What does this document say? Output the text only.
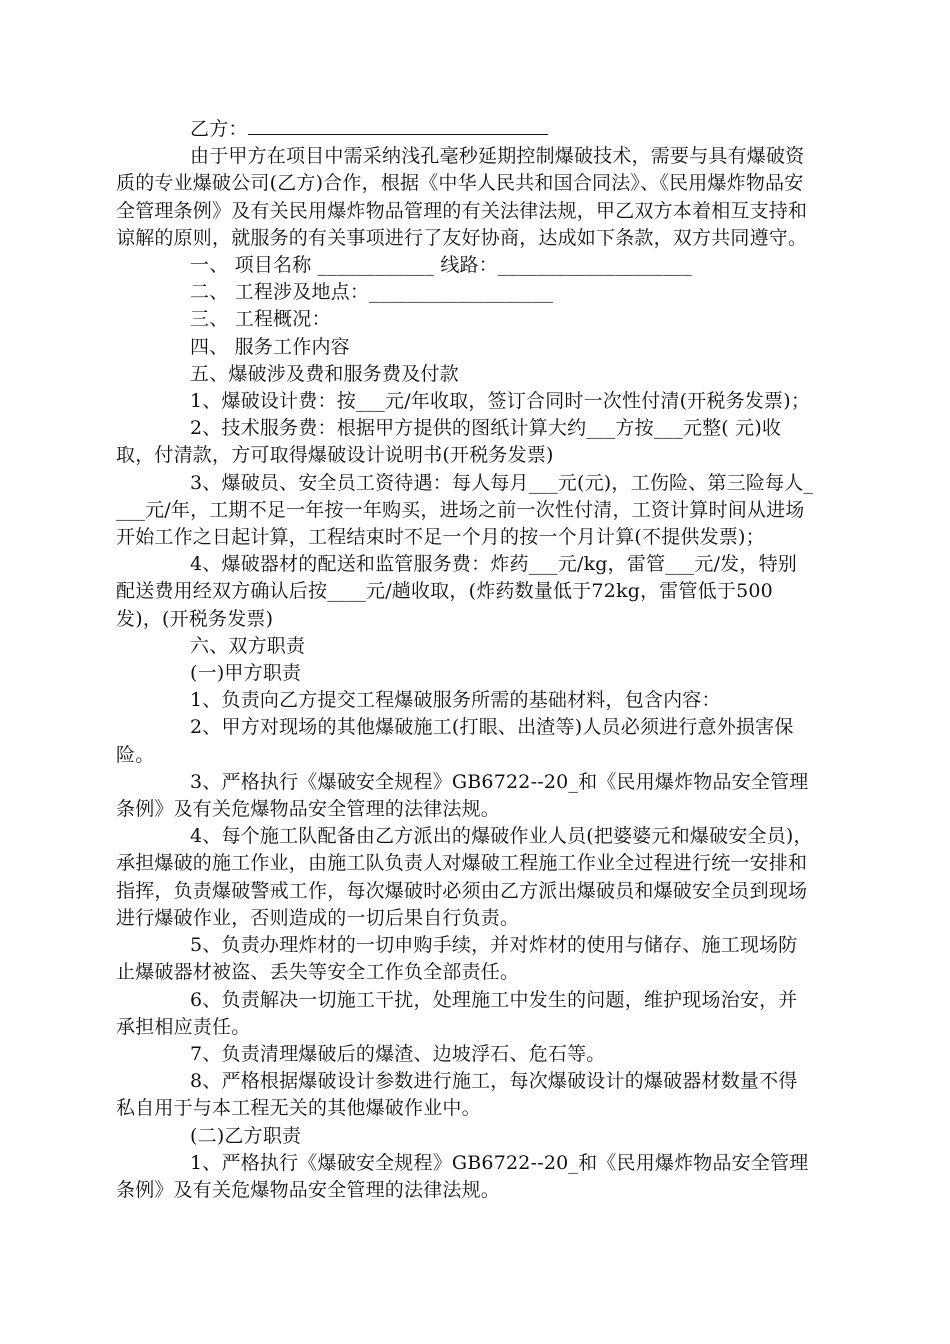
乙方：

由于甲方在项目中需采纳浅孔毫秒延期控制爆破技术，需要与具有爆破资质的专业爆破公司(乙方)合作，根据《中华人民共和国合同法》、《民用爆炸物品安全管理条例》及有关民用爆炸物品管理的有关法律法规，甲乙双方本着相互支持和谅解的原则，就服务的有关事项进行了友好协商，达成如下条款，双方共同遵守。

一、 项目名称 ____________ 线路：____________________

二、 工程涉及地点：___________________

三、 工程概况：

四、 服务工作内容

五、爆破涉及费和服务费及付款

1、爆破设计费：按___元/年收取，签订合同时一次性付清(开税务发票)；

2、技术服务费：根据甲方提供的图纸计算大约___方按___元整( 元)收取，付清款，方可取得爆破设计说明书(开税务发票)

3、爆破员、安全员工资待遇：每人每月___元(元)，工伤险、第三险每人____元/年，工期不足一年按一年购买，进场之前一次性付清，工资计算时间从进场开始工作之日起计算，工程结束时不足一个月的按一个月计算(不提供发票)；

4、爆破器材的配送和监管服务费：炸药___元/kg，雷管___元/发，特别配送费用经双方确认后按____元/趟收取，(炸药数量低于72kg，雷管低于500发)，(开税务发票)

六、双方职责

(一)甲方职责

1、负责向乙方提交工程爆破服务所需的基础材料，包含内容：

2、甲方对现场的其他爆破施工(打眼、出渣等)人员必须进行意外损害保险。

3、严格执行《爆破安全规程》GB6722--20_和《民用爆炸物品安全管理条例》及有关危爆物品安全管理的法律法规。

4、每个施工队配备由乙方派出的爆破作业人员(把婆婆元和爆破安全员)，承担爆破的施工作业，由施工队负责人对爆破工程施工作业全过程进行统一安排和指挥，负责爆破警戒工作，每次爆破时必须由乙方派出爆破员和爆破安全员到现场进行爆破作业，否则造成的一切后果自行负责。

5、负责办理炸材的一切申购手续，并对炸材的使用与储存、施工现场防止爆破器材被盗、丢失等安全工作负全部责任。

6、负责解决一切施工干扰，处理施工中发生的问题，维护现场治安，并承担相应责任。

7、负责清理爆破后的爆渣、边坡浮石、危石等。

8、严格根据爆破设计参数进行施工，每次爆破设计的爆破器材数量不得私自用于与本工程无关的其他爆破作业中。

(二)乙方职责

1、严格执行《爆破安全规程》GB6722--20_和《民用爆炸物品安全管理条例》及有关危爆物品安全管理的法律法规。
